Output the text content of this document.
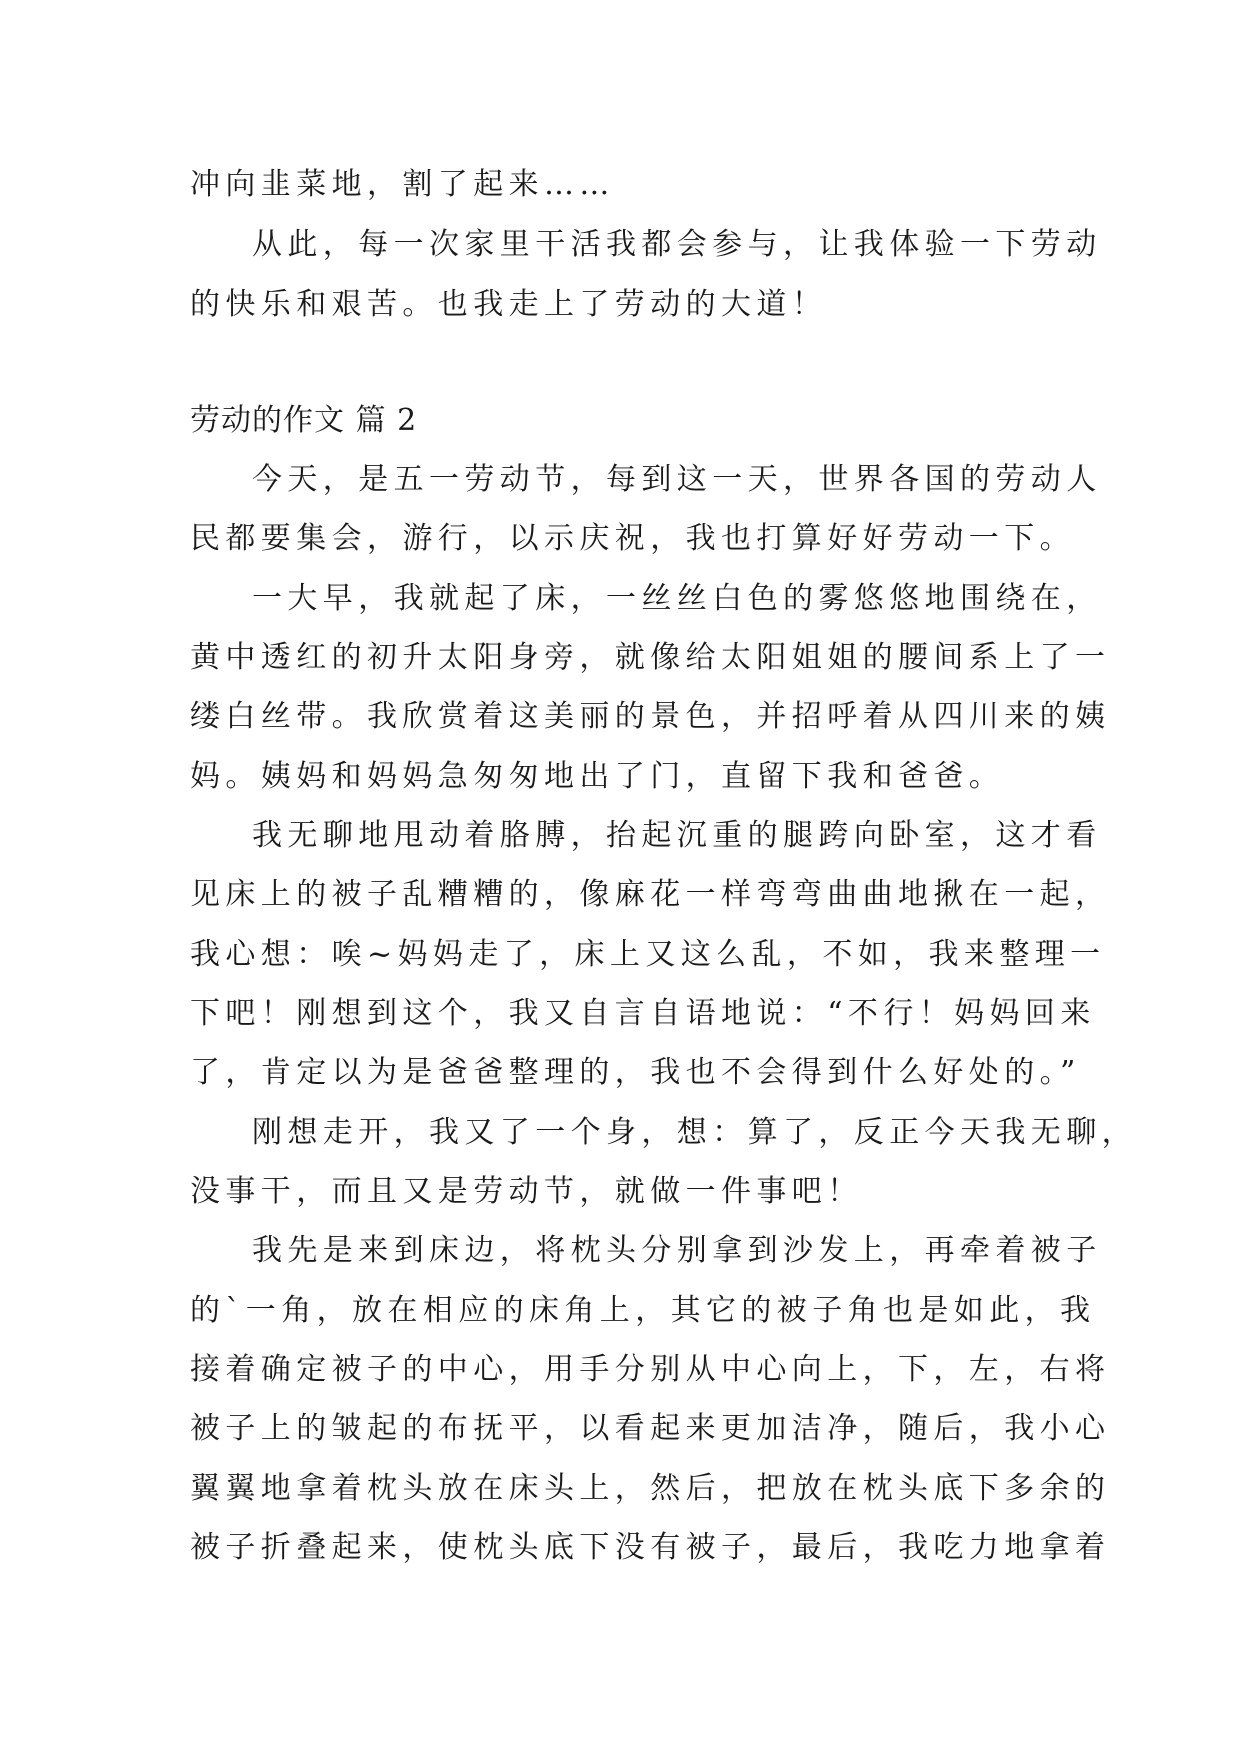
冲向韭菜地，割了起来……

从此，每一次家里干活我都会参与，让我体验一下劳动

的快乐和艰苦。也我走上了劳动的大道！

劳动的作文 篇 2

今天，是五一劳动节，每到这一天，世界各国的劳动人

民都要集会，游行，以示庆祝，我也打算好好劳动一下。

一大早，我就起了床，一丝丝白色的雾悠悠地围绕在，

黄中透红的初升太阳身旁，就像给太阳姐姐的腰间系上了一

缕白丝带。我欣赏着这美丽的景色，并招呼着从四川来的姨

妈。姨妈和妈妈急匆匆地出了门，直留下我和爸爸。

我无聊地甩动着胳膊，抬起沉重的腿跨向卧室，这才看

见床上的被子乱糟糟的，像麻花一样弯弯曲曲地揪在一起，

我心想：唉~妈妈走了，床上又这么乱，不如，我来整理一

下吧！刚想到这个，我又自言自语地说：“不行！妈妈回来

了，肯定以为是爸爸整理的，我也不会得到什么好处的。”

刚想走开，我又了一个身，想：算了，反正今天我无聊，

没事干，而且又是劳动节，就做一件事吧！

我先是来到床边，将枕头分别拿到沙发上，再牵着被子

的`一角，放在相应的床角上，其它的被子角也是如此，我

接着确定被子的中心，用手分别从中心向上，下，左，右将

被子上的皱起的布抚平，以看起来更加洁净，随后，我小心

翼翼地拿着枕头放在床头上，然后，把放在枕头底下多余的

被子折叠起来，使枕头底下没有被子，最后，我吃力地拿着
